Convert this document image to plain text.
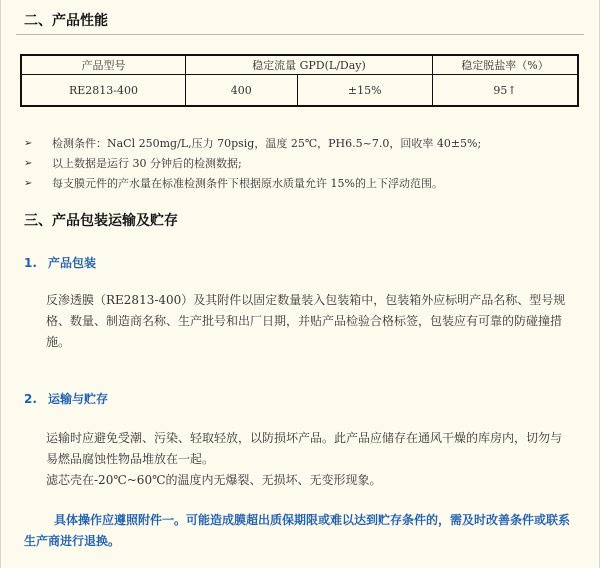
二、产品性能
产品型号	稳定流量 GPD(L/Day)		稳定脱盐率（%）
RE2813-400	400	±15%	95↑
➢	检测条件：NaCl 250mg/L,压力 70psig，温度 25℃，PH6.5~7.0，回收率 40±5%;
➢	以上数据是运行 30 分钟后的检测数据;
➢	每支膜元件的产水量在标准检测条件下根据原水质量允许 15%的上下浮动范围。
三、产品包装运输及贮存
1. 产品包装

反渗透膜（RE2813-400）及其附件以固定数量装入包装箱中，包装箱外应标明产品名称、型号规格、数量、制造商名称、生产批号和出厂日期，并贴产品检验合格标签，包装应有可靠的防碰撞措施。

2. 运输与贮存

运输时应避免受潮、污染、轻取轻放，以防损坏产品。此产品应储存在通风干燥的库房内，切勿与易燃品腐蚀性物品堆放在一起。

滤芯壳在-20℃~60℃的温度内无爆裂、无损坏、无变形现象。

具体操作应遵照附件一。可能造成膜超出质保期限或难以达到贮存条件的，需及时改善条件或联系生产商进行退换。
